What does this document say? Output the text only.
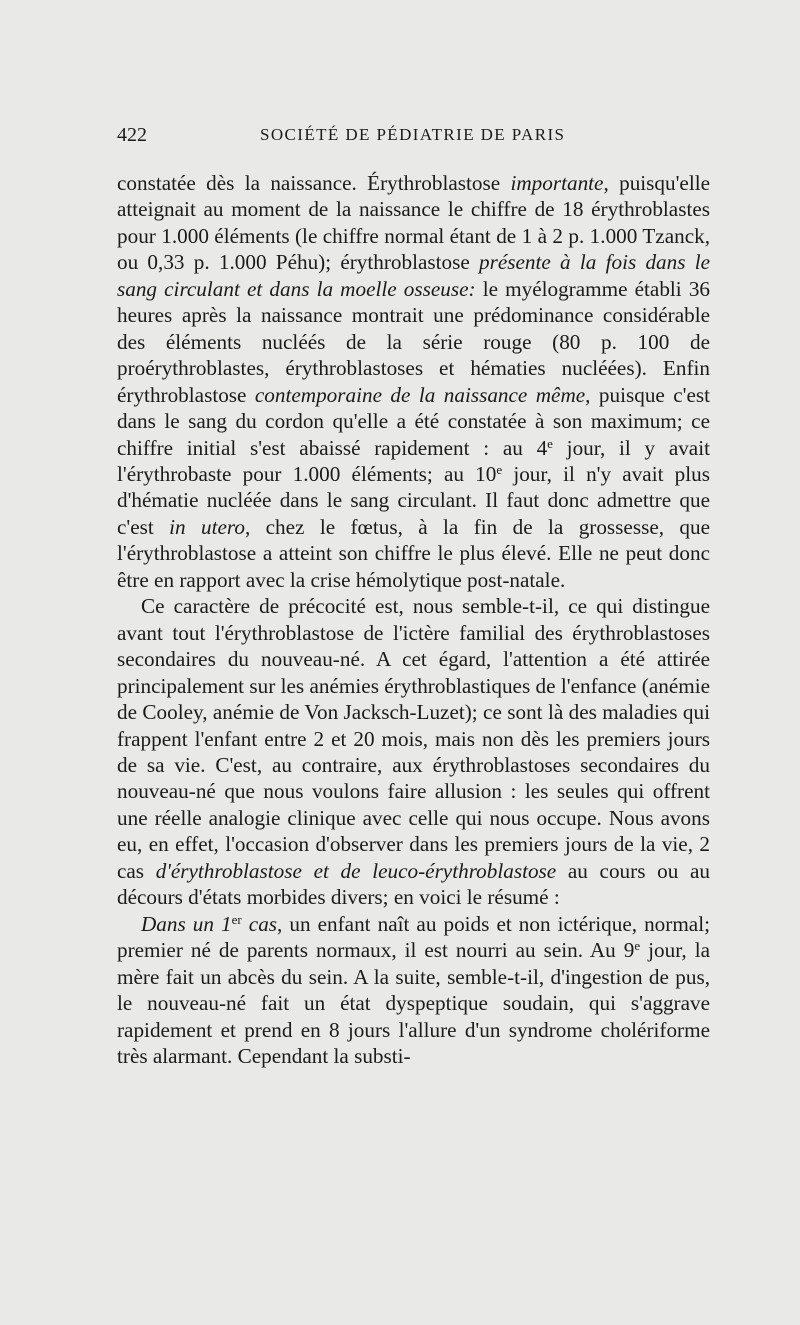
422	SOCIÉTÉ DE PÉDIATRIE DE PARIS

constatée dès la naissance. Érythroblastose importante, puisqu'elle atteignait au moment de la naissance le chiffre de 18 érythroblastes pour 1.000 éléments (le chiffre normal étant de 1 à 2 p. 1.000 Tzanck, ou 0,33 p. 1.000 Péhu); érythroblastose présente à la fois dans le sang circulant et dans la moelle osseuse: le myélogramme établi 36 heures après la naissance montrait une prédominance considérable des éléments nucléés de la série rouge (80 p. 100 de proérythroblastes, érythroblastoses et hématies nucléées). Enfin érythroblastose contemporaine de la naissance même, puisque c'est dans le sang du cordon qu'elle a été constatée à son maximum; ce chiffre initial s'est abaissé rapidement : au 4e jour, il y avait l'érythrobaste pour 1.000 éléments; au 10e jour, il n'y avait plus d'hématie nucléée dans le sang circulant. Il faut donc admettre que c'est in utero, chez le fœtus, à la fin de la grossesse, que l'érythroblastose a atteint son chiffre le plus élevé. Elle ne peut donc être en rapport avec la crise hémolytique post-natale.

Ce caractère de précocité est, nous semble-t-il, ce qui distingue avant tout l'érythroblastose de l'ictère familial des érythroblastoses secondaires du nouveau-né. A cet égard, l'attention a été attirée principalement sur les anémies érythroblastiques de l'enfance (anémie de Cooley, anémie de Von Jacksch-Luzet); ce sont là des maladies qui frappent l'enfant entre 2 et 20 mois, mais non dès les premiers jours de sa vie. C'est, au contraire, aux érythroblastoses secondaires du nouveau-né que nous voulons faire allusion : les seules qui offrent une réelle analogie clinique avec celle qui nous occupe. Nous avons eu, en effet, l'occasion d'observer dans les premiers jours de la vie, 2 cas d'érythroblastose et de leuco-érythroblastose au cours ou au décours d'états morbides divers; en voici le résumé :

Dans un 1er cas, un enfant naît au poids et non ictérique, normal; premier né de parents normaux, il est nourri au sein. Au 9e jour, la mère fait un abcès du sein. A la suite, semble-t-il, d'ingestion de pus, le nouveau-né fait un état dyspeptique soudain, qui s'aggrave rapidement et prend en 8 jours l'allure d'un syndrome cholériforme très alarmant. Cependant la substi-
